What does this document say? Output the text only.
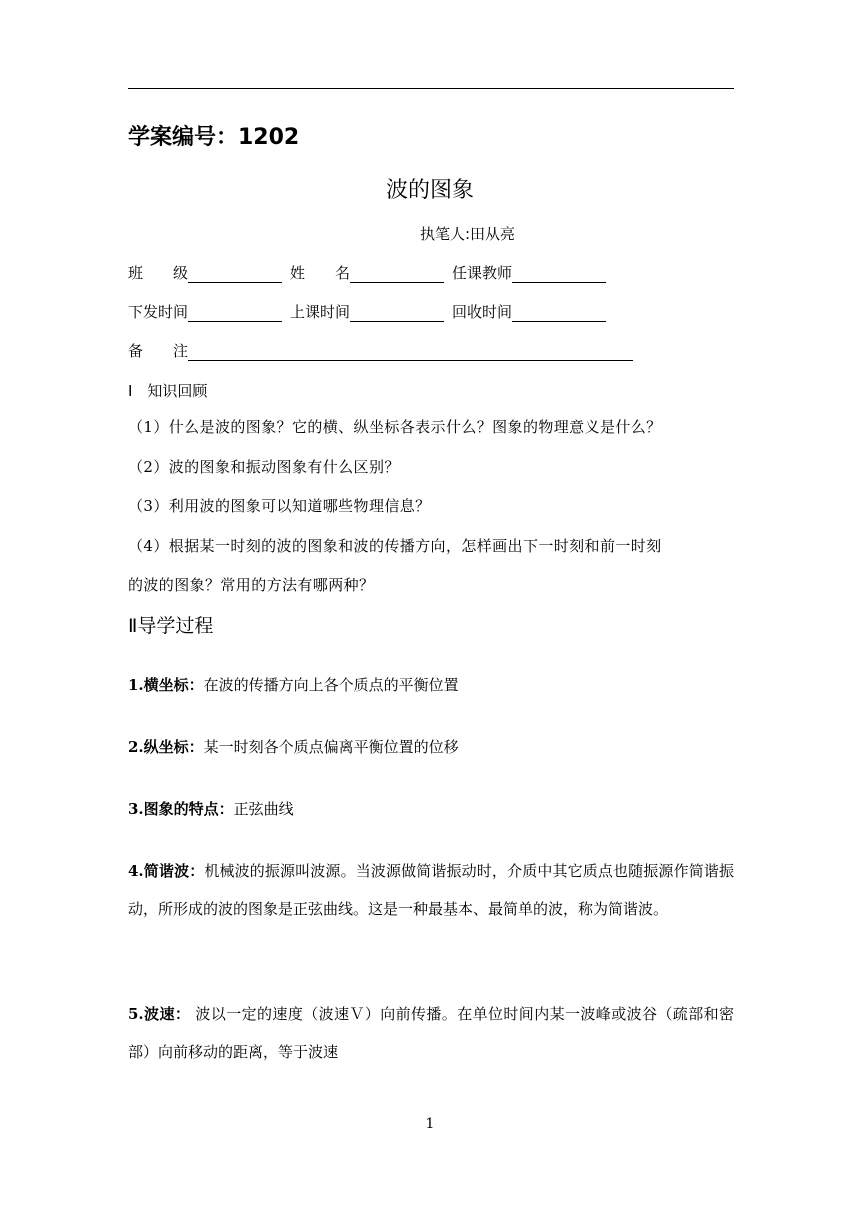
学案编号：1202
波的图象
执笔人:田从亮
班　　级	姓　　名	任课教师
下发时间	上课时间	回收时间
备　　注
Ⅰ　知识回顾
（1）什么是波的图象？它的横、纵坐标各表示什么？图象的物理意义是什么？
（2）波的图象和振动图象有什么区别？
（3）利用波的图象可以知道哪些物理信息？
（4）根据某一时刻的波的图象和波的传播方向，怎样画出下一时刻和前一时刻
的波的图象？常用的方法有哪两种？
Ⅱ导学过程
1.横坐标：在波的传播方向上各个质点的平衡位置
2.纵坐标：某一时刻各个质点偏离平衡位置的位移
3.图象的特点：正弦曲线
4.简谐波：机械波的振源叫波源。当波源做简谐振动时，介质中其它质点也随振源作简谐振动，所形成的波的图象是正弦曲线。这是一种最基本、最简单的波，称为简谐波。
5.波速： 波以一定的速度（波速Ｖ）向前传播。在单位时间内某一波峰或波谷（疏部和密部）向前移动的距离，等于波速
1
